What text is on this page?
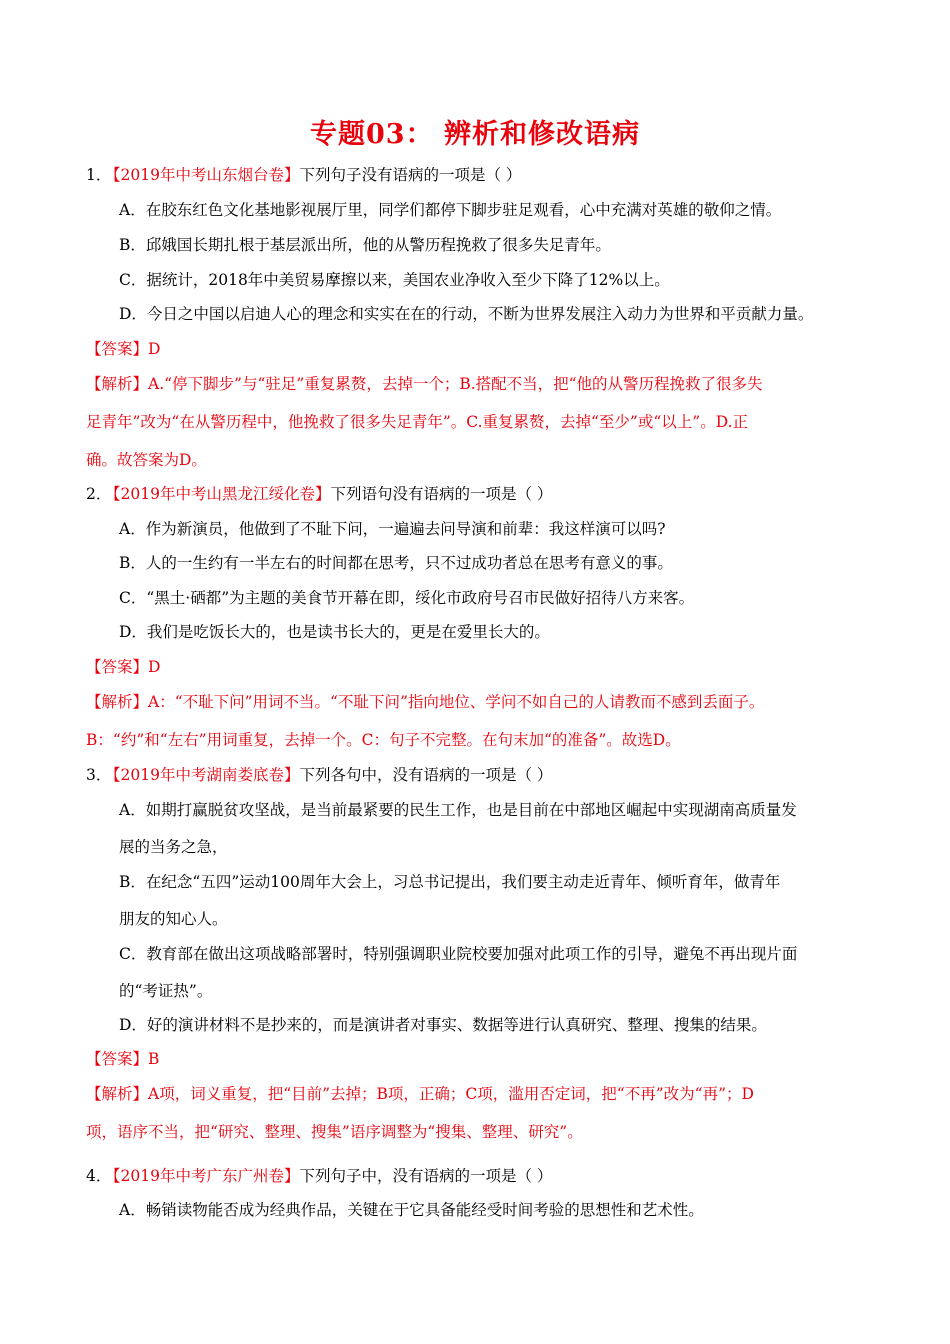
专题03： 辨析和修改语病
1．
【2019年中考山东烟台卷】下列句子没有语病的一项是（ ）
A．在胶东红色文化基地影视展厅里，同学们都停下脚步驻足观看，心中充满对英雄的敬仰之情。
B．邱娥国长期扎根于基层派出所，他的从警历程挽救了很多失足青年。
C．据统计，2018年中美贸易摩擦以来，美国农业净收入至少下降了12%以上。
D．今日之中国以启迪人心的理念和实实在在的行动，不断为世界发展注入动力为世界和平贡献力量。
【答案】D
【解析】A.“停下脚步”与“驻足”重复累赘，去掉一个；B.搭配不当，把“他的从警历程挽救了很多失
足青年”改为“在从警历程中，他挽救了很多失足青年”。C.重复累赘，去掉“至少”或“以上”。D.正
确。故答案为D。
2．
【2019年中考山黑龙江绥化卷】下列语句没有语病的一项是（ ）
A．作为新演员，他做到了不耻下问，一遍遍去问导演和前辈：我这样演可以吗?
B．人的一生约有一半左右的时间都在思考，只不过成功者总在思考有意义的事。
C．“黑土·硒都”为主题的美食节开幕在即，绥化市政府号召市民做好招待八方来客。
D．我们是吃饭长大的，也是读书长大的，更是在爱里长大的。
【答案】D
【解析】A：“不耻下问”用词不当。“不耻下问”指向地位、学问不如自己的人请教而不感到丢面子。
B：“约”和“左右”用词重复，去掉一个。C：句子不完整。在句末加“的准备”。故选D。
3．
【2019年中考湖南娄底卷】下列各句中，没有语病的一项是（ ）
A．如期打赢脱贫攻坚战，是当前最紧要的民生工作，也是目前在中部地区崛起中实现湖南高质量发
展的当务之急，
B．在纪念“五四”运动100周年大会上，习总书记提出，我们要主动走近青年、倾听育年，做青年
朋友的知心人。
C．教育部在做出这项战略部署时，特别强调职业院校要加强对此项工作的引导，避兔不再出现片面
的“考证热”。
D．好的演讲材料不是抄来的，而是演讲者对事实、数据等进行认真研究、整理、搜集的结果。
【答案】B
【解析】A项，词义重复，把“目前”去掉；B项，正确；C项，滥用否定词，把“不再”改为“再”；D
项，语序不当，把“研究、整理、搜集”语序调整为“搜集、整理、研究”。
4．
【2019年中考广东广州卷】下列句子中，没有语病的一项是（ ）
A．畅销读物能否成为经典作品，关键在于它具备能经受时间考验的思想性和艺术性。
